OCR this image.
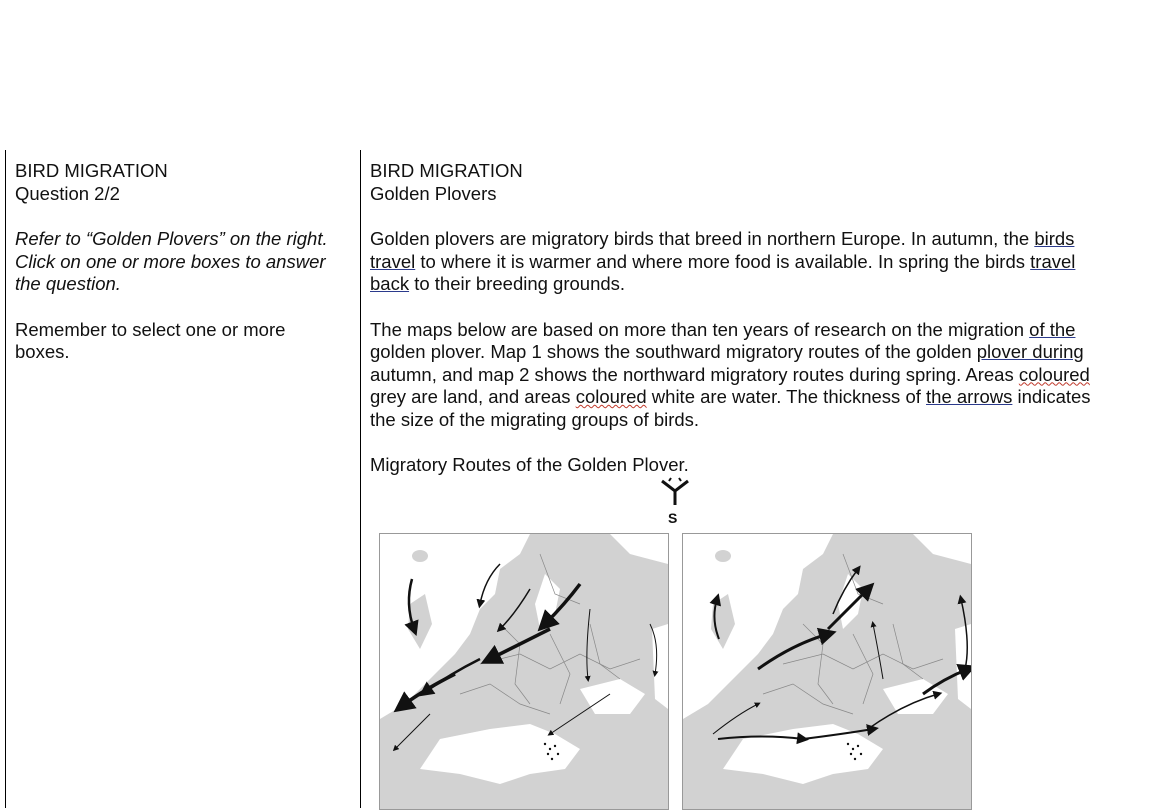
BIRD MIGRATION

Question 2/2

Refer to “Golden Plovers” on the right.

Click on one or more boxes to answer

the question.

Remember to select one or more

boxes.

BIRD MIGRATION

Golden Plovers

Golden plovers are migratory birds that breed in northern Europe. In autumn, the birds

travel to where it is warmer and where more food is available. In spring the birds travel

back to their breeding grounds.

The maps below are based on more than ten years of research on the migration of the

golden plover. Map 1 shows the southward migratory routes of the golden plover during

autumn, and map 2 shows the northward migratory routes during spring. Areas coloured

grey are land, and areas coloured white are water. The thickness of the arrows indicates

the size of the migrating groups of birds.

Migratory Routes of the Golden Plover.

S
